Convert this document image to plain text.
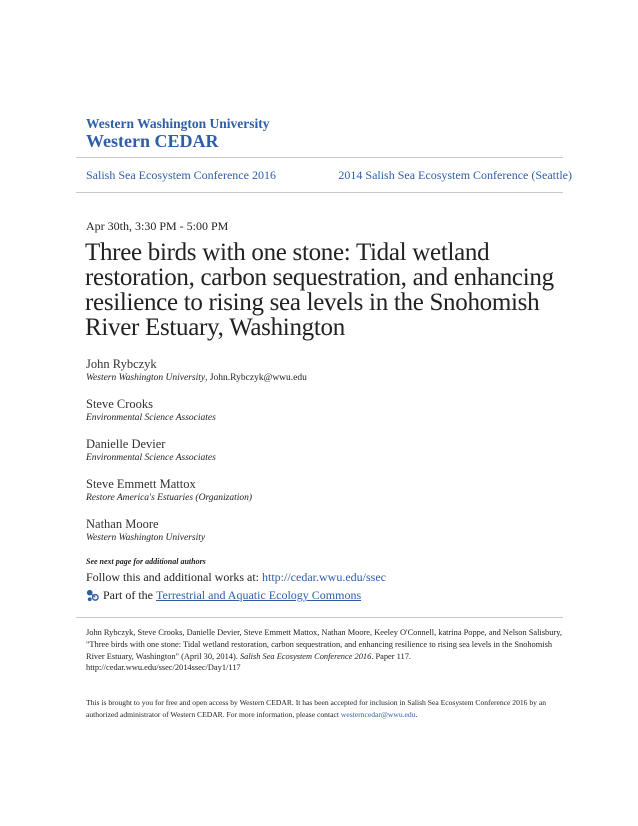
Western Washington University
Western CEDAR
Salish Sea Ecosystem Conference 2016	2014 Salish Sea Ecosystem Conference (Seattle)
Apr 30th, 3:30 PM - 5:00 PM
Three birds with one stone: Tidal wetland restoration, carbon sequestration, and enhancing resilience to rising sea levels in the Snohomish River Estuary, Washington
John Rybczyk
Western Washington University, John.Rybczyk@wwu.edu
Steve Crooks
Environmental Science Associates
Danielle Devier
Environmental Science Associates
Steve Emmett Mattox
Restore America's Estuaries (Organization)
Nathan Moore
Western Washington University
See next page for additional authors
Follow this and additional works at: http://cedar.wwu.edu/ssec
Part of the
Terrestrial and Aquatic Ecology Commons
John Rybczyk, Steve Crooks, Danielle Devier, Steve Emmett Mattox, Nathan Moore, Keeley O'Connell, katrina Poppe, and Nelson Salisbury, "Three birds with one stone: Tidal wetland restoration, carbon sequestration, and enhancing resilience to rising sea levels in the Snohomish River Estuary, Washington" (April 30, 2014). Salish Sea Ecosystem Conference 2016. Paper 117.
http://cedar.wwu.edu/ssec/2014ssec/Day1/117
This is brought to you for free and open access by Western CEDAR. It has been accepted for inclusion in Salish Sea Ecosystem Conference 2016 by an authorized administrator of Western CEDAR. For more information, please contact westerncedar@wwu.edu.
